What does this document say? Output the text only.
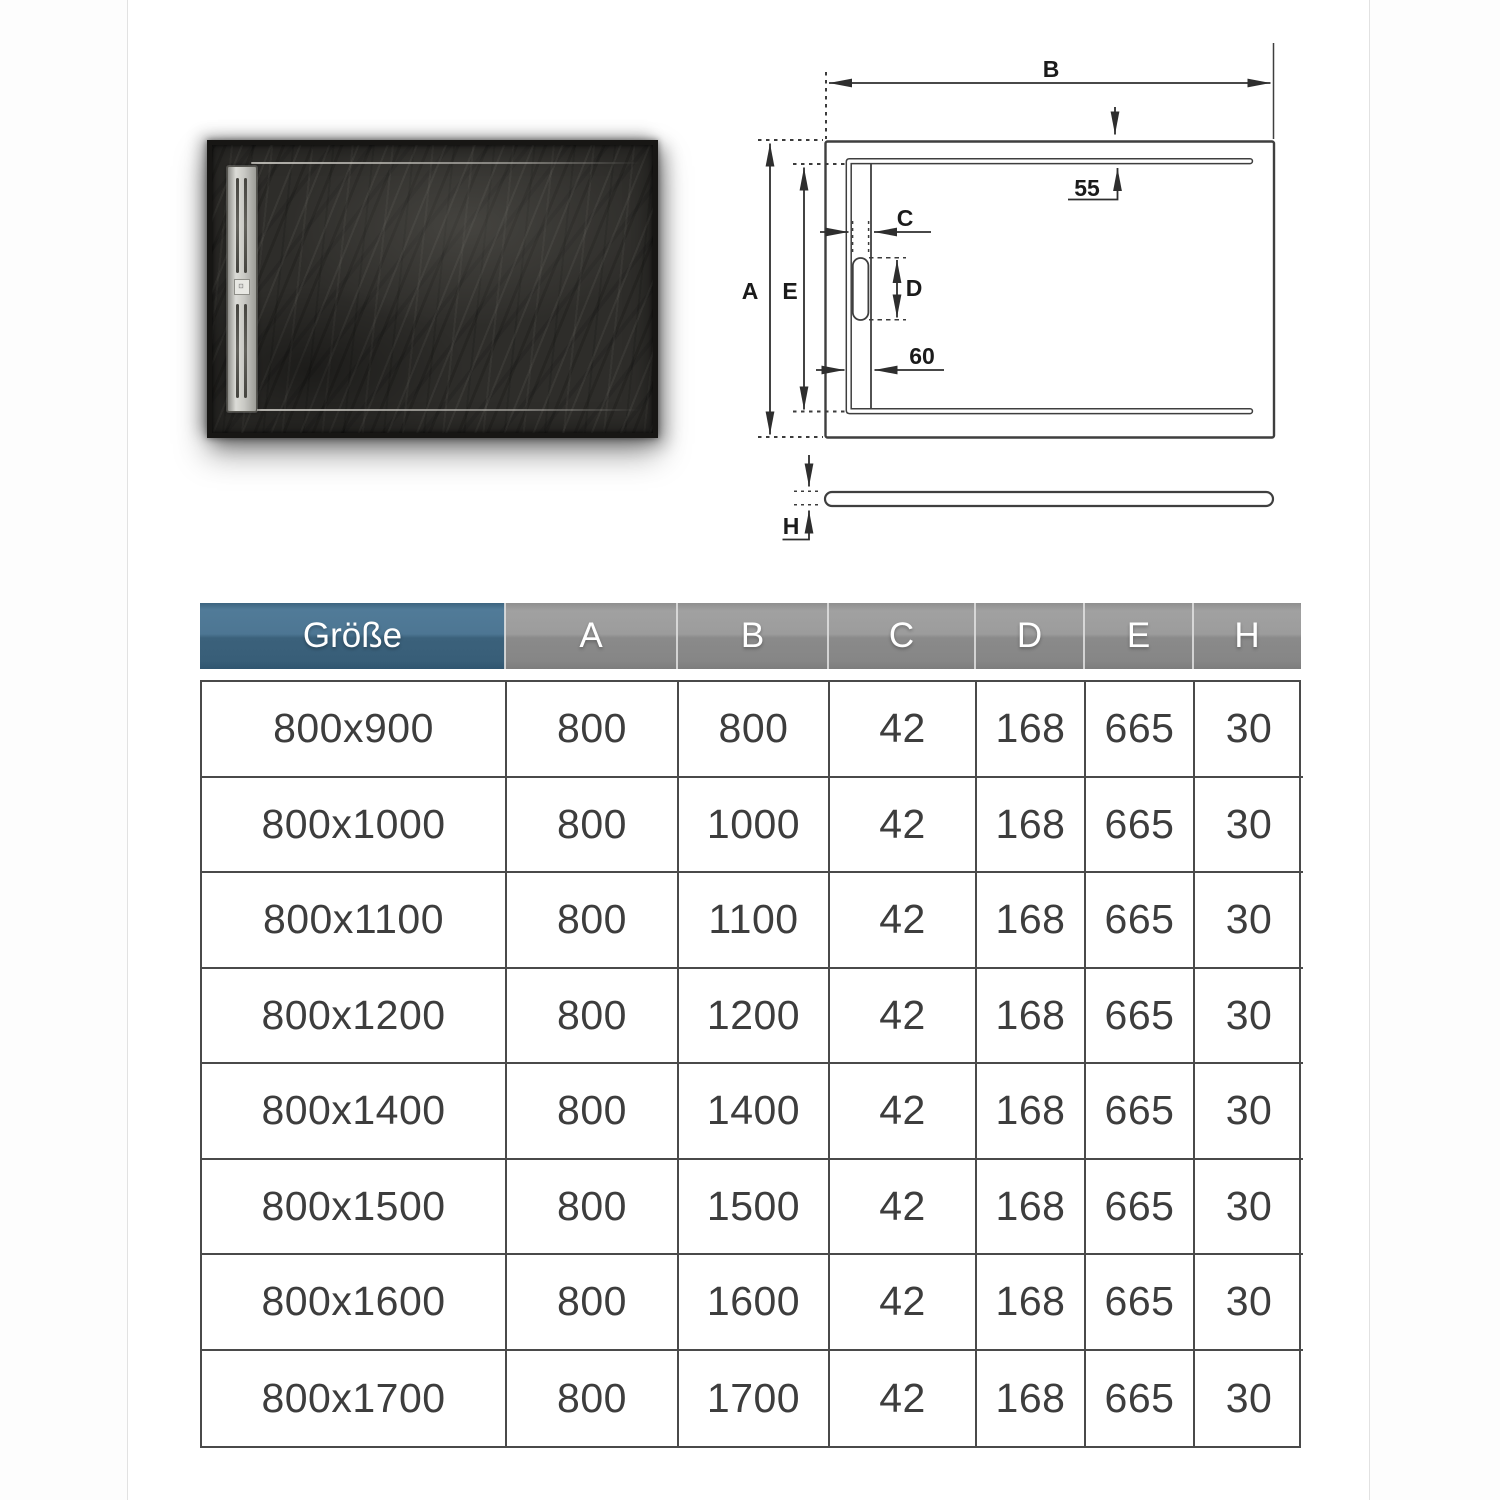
A E
B
C
D
55
60
H
Größe	A	B	C	D	E	H
800x900	800	800	42	168 665	30
800x1000	800	1000	42	168 665	30
800x1100	800	1100	42	168 665	30
800x1200	800	1200	42	168 665	30
800x1400	800	1400	42	168 665	30
800x1500	800	1500	42	168 665	30
800x1600	800	1600	42	168 665	30
800x1700	800	1700	42	168 665	30
